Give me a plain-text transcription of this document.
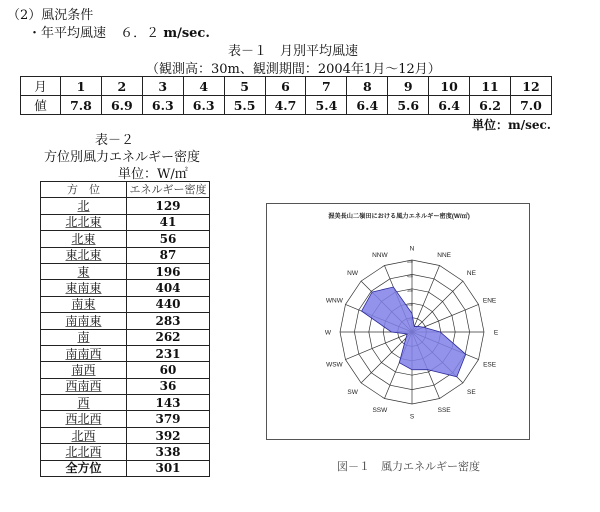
（2）風況条件
・年平均風速 ６．２ m/sec.
表－１　月別平均風速
（観測高：30m、観測期間：2004年1月～12月）
月	1	2	3	4	5	6	7	8	9	10	11	12
値	7.8	6.9	6.3	6.3	5.5	4.7	5.4	6.4	5.6	6.4	6.2	7.0
単位：m/sec.
表－２
方位別風力エネルギー密度
単位：W/㎡
方　位	エネルギー密度
北	129
北北東	41
北東	56
東北東	87
東	196
東南東	404
南東	440
南南東	283
南	262
南南西	231
南西	60
西南西	36
西	143
西北西	379
北西	392
北北西	338
全方位	301
渥美長山二嶺田における風力エネルギー密度(W/㎡)
200
300
400
500
N
NNE
NE
ENE
E
ESE
SE
SSE
S
SSW
SW
WSW
W
WNW
NW
NNW
図－１　風力エネルギー密度
